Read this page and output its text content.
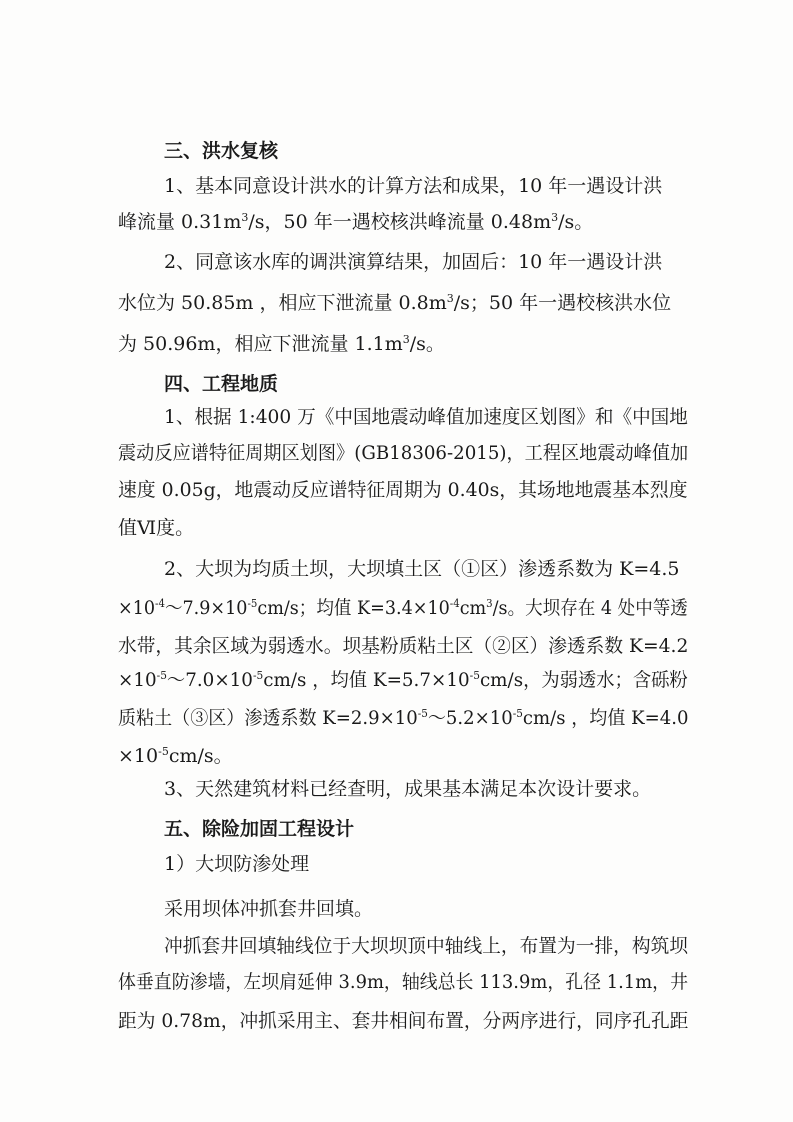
三、洪水复核
1、基本同意设计洪水的计算方法和成果，10 年一遇设计洪
峰流量 $0.31m^3/s$，50 年一遇校核洪峰流量 $0.48m^3/s$。
2、同意该水库的调洪演算结果，加固后：10 年一遇设计洪
水位为 50.85m ，相应下泄流量 $0.8m^3/s$；50 年一遇校核洪水位
为 50.96m，相应下泄流量 $1.1m^3/s$。
四、工程地质
1、根据 1:400 万《中国地震动峰值加速度区划图》和《中国地
震动反应谱特征周期区划图》(GB18306-2015)，工程区地震动峰值加
速度 0.05g，地震动反应谱特征周期为 0.40s，其场地地震基本烈度
值Ⅵ度。
2、大坝为均质土坝，大坝填土区（①区）渗透系数为 K=4.5
$\times 10^{-4}\sim 7.9\times 10^{-5}cm/s$；均值 $K=3.4\times 10^{-4}cm^3/s$。大坝存在 4 处中等透
水带，其余区域为弱透水。坝基粉质粘土区（②区）渗透系数 K=4.2
$\times 10^{-5}\sim 7.0\times 10^{-5}cm/s$ ，均值 $K=5.7\times 10^{-5}cm/s$，为弱透水；含砾粉
质粘土（③区）渗透系数 $K=2.9\times 10^{-5}\sim 5.2\times 10^{-5}cm/s$ ，均值 K=4.0
$\times 10^{-5}cm/s$。
3、天然建筑材料已经查明，成果基本满足本次设计要求。
五、除险加固工程设计
1）大坝防渗处理
采用坝体冲抓套井回填。
冲抓套井回填轴线位于大坝坝顶中轴线上，布置为一排，构筑坝
体垂直防渗墙，左坝肩延伸 3.9m，轴线总长 113.9m，孔径 1.1m，井
距为 0.78m，冲抓采用主、套井相间布置，分两序进行，同序孔孔距
